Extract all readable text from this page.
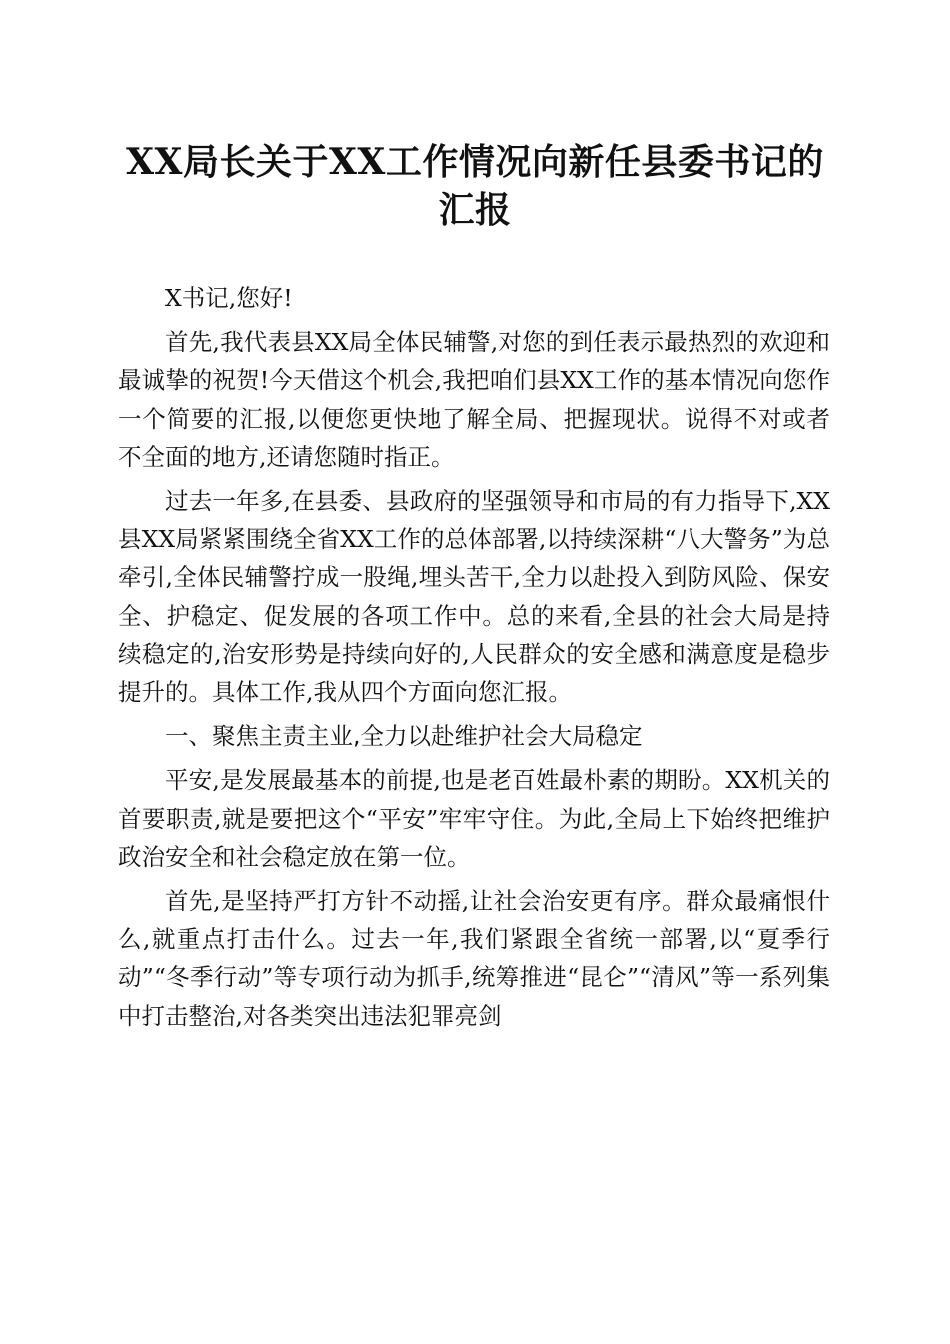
XX局长关于XX工作情况向新任县委书记的
汇报

X书记,您好!

首先,我代表县XX局全体民辅警,对您的到任表示最热烈的欢迎和最诚挚的祝贺!今天借这个机会,我把咱们县XX工作的基本情况向您作一个简要的汇报,以便您更快地了解全局、把握现状。说得不对或者不全面的地方,还请您随时指正。

过去一年多,在县委、县政府的坚强领导和市局的有力指导下,XX县XX局紧紧围绕全省XX工作的总体部署,以持续深耕“八大警务”为总牵引,全体民辅警拧成一股绳,埋头苦干,全力以赴投入到防风险、保安全、护稳定、促发展的各项工作中。总的来看,全县的社会大局是持续稳定的,治安形势是持续向好的,人民群众的安全感和满意度是稳步提升的。具体工作,我从四个方面向您汇报。

一、聚焦主责主业,全力以赴维护社会大局稳定

平安,是发展最基本的前提,也是老百姓最朴素的期盼。XX机关的首要职责,就是要把这个“平安”牢牢守住。为此,全局上下始终把维护政治安全和社会稳定放在第一位。

首先,是坚持严打方针不动摇,让社会治安更有序。群众最痛恨什么,就重点打击什么。过去一年,我们紧跟全省统一部署,以“夏季行动”“冬季行动”等专项行动为抓手,统筹推进“昆仑”“清风”等一系列集中打击整治,对各类突出违法犯罪亮剑
